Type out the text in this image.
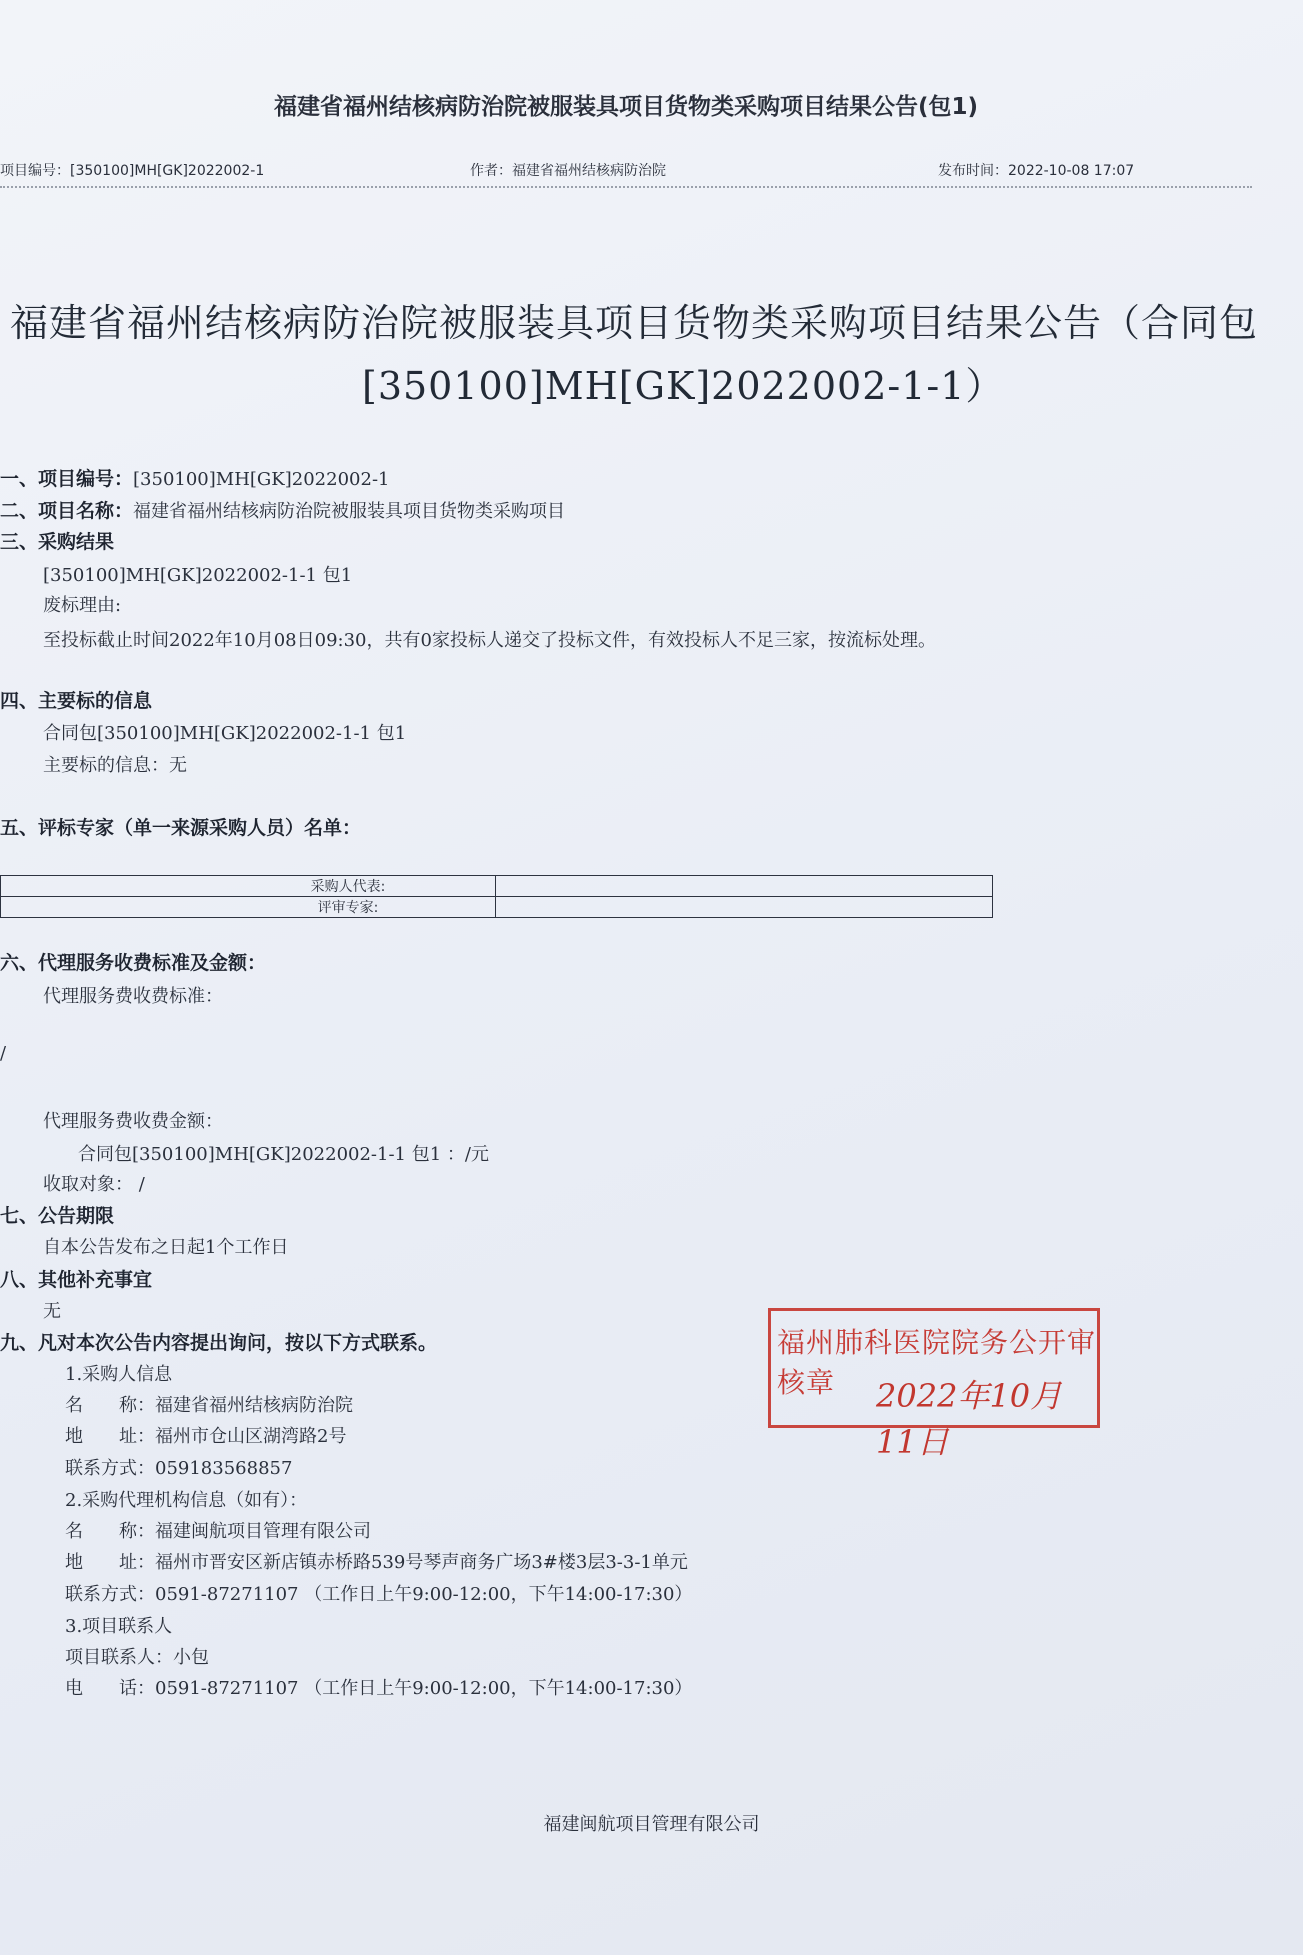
福建省福州结核病防治院被服装具项目货物类采购项目结果公告(包1)
项目编号：[350100]MH[GK]2022002-1	作者：福建省福州结核病防治院	发布时间：2022-10-08 17:07
福建省福州结核病防治院被服装具项目货物类采购项目结果公告（合同包
[350100]MH[GK]2022002-1-1）
一、项目编号：[350100]MH[GK]2022002-1
二、项目名称：福建省福州结核病防治院被服装具项目货物类采购项目
三、采购结果
[350100]MH[GK]2022002-1-1 包1
废标理由:
至投标截止时间2022年10月08日09:30，共有0家投标人递交了投标文件，有效投标人不足三家，按流标处理。
四、主要标的信息
合同包[350100]MH[GK]2022002-1-1 包1
主要标的信息：无
五、评标专家（单一来源采购人员）名单：
采购人代表:	
评审专家:	
六、代理服务收费标准及金额：
代理服务费收费标准：
/
代理服务费收费金额：
合同包[350100]MH[GK]2022002-1-1 包1 ：/元
收取对象： /
七、公告期限
自本公告发布之日起1个工作日
八、其他补充事宜
无
九、凡对本次公告内容提出询问，按以下方式联系。
1.采购人信息
名　　称：福建省福州结核病防治院
地　　址：福州市仓山区湖湾路2号
联系方式：059183568857
2.采购代理机构信息（如有）：
名　　称：福建闽航项目管理有限公司
地　　址：福州市晋安区新店镇赤桥路539号琴声商务广场3#楼3层3-3-1单元
联系方式：0591-87271107 （工作日上午9:00-12:00，下午14:00-17:30）
3.项目联系人
项目联系人：小包
电　　话：0591-87271107 （工作日上午9:00-12:00，下午14:00-17:30）
福州肺科医院院务公开审核章	2022年10月11日
福建闽航项目管理有限公司
